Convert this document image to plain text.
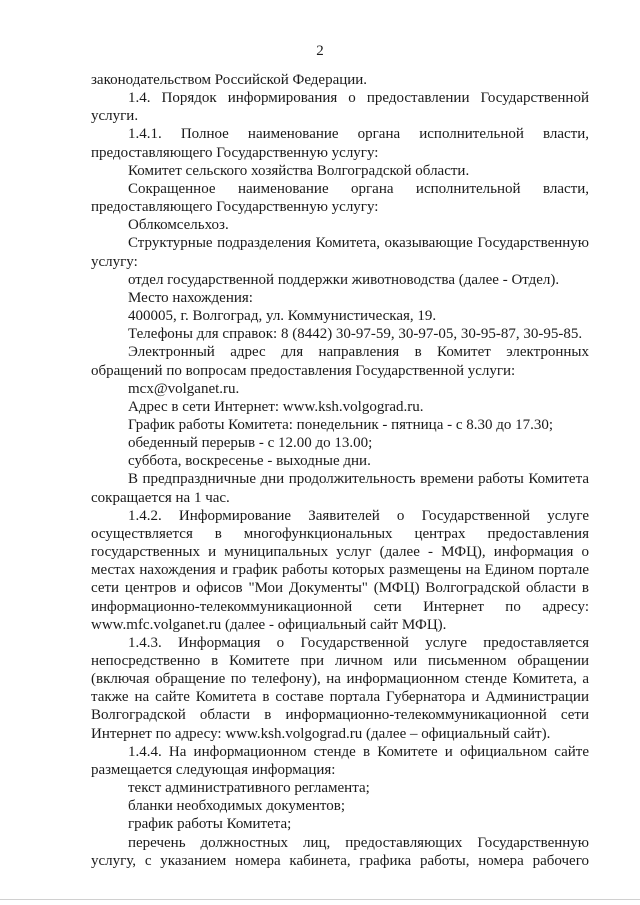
2

законодательством Российской Федерации.

1.4. Порядок информирования о предоставлении Государственной услуги.

1.4.1. Полное наименование органа исполнительной власти, предоставляющего Государственную услугу:

Комитет сельского хозяйства Волгоградской области.

Сокращенное наименование органа исполнительной власти, предоставляющего Государственную услугу:

Облкомсельхоз.

Структурные подразделения Комитета, оказывающие Государственную услугу:

отдел государственной поддержки животноводства (далее - Отдел).

Место нахождения:

400005, г. Волгоград, ул. Коммунистическая, 19.

Телефоны для справок: 8 (8442) 30-97-59, 30-97-05, 30-95-87, 30-95-85.

Электронный адрес для направления в Комитет электронных обращений по вопросам предоставления Государственной услуги:

mcx@volganet.ru.

Адрес в сети Интернет: www.ksh.volgograd.ru.

График работы Комитета: понедельник - пятница - с 8.30 до 17.30;

обеденный перерыв - с 12.00 до 13.00;

суббота, воскресенье - выходные дни.

В предпраздничные дни продолжительность времени работы Комитета сокращается на 1 час.

1.4.2. Информирование Заявителей о Государственной услуге осуществляется в многофункциональных центрах предоставления государственных и муниципальных услуг (далее - МФЦ), информация о местах нахождения и график работы которых размещены на Едином портале сети центров и офисов "Мои Документы" (МФЦ) Волгоградской области в информационно-телекоммуникационной сети Интернет по адресу: www.mfc.volganet.ru (далее - официальный сайт МФЦ).

1.4.3. Информация о Государственной услуге предоставляется непосредственно в Комитете при личном или письменном обращении (включая обращение по телефону), на информационном стенде Комитета, а также на сайте Комитета в составе портала Губернатора и Администрации Волгоградской области в информационно-телекоммуникационной сети Интернет по адресу: www.ksh.volgograd.ru (далее – официальный сайт).

1.4.4. На информационном стенде в Комитете и официальном сайте размещается следующая информация:

текст административного регламента;

бланки необходимых документов;

график работы Комитета;

перечень должностных лиц, предоставляющих Государственную услугу, с указанием номера кабинета, графика работы, номера рабочего
